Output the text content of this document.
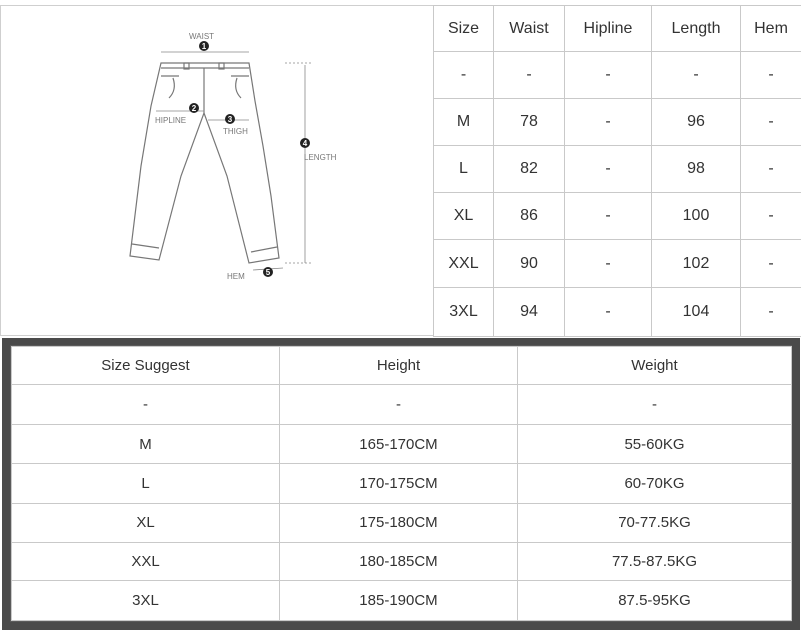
1
2
3
4
5
WAIST
HIPLINE
THIGH
LENGTH
HEM
Size	Waist	Hipline	Length	Hem
-	-	-	-	-
M	78	-	96	-
L	82	-	98	-
XL	86	-	100	-
XXL	90	-	102	-
3XL	94	-	104	-
Size Suggest	Height	Weight
-	-	-
M	165-170CM	55-60KG
L	170-175CM	60-70KG
XL	175-180CM	70-77.5KG
XXL	180-185CM	77.5-87.5KG
3XL	185-190CM	87.5-95KG
